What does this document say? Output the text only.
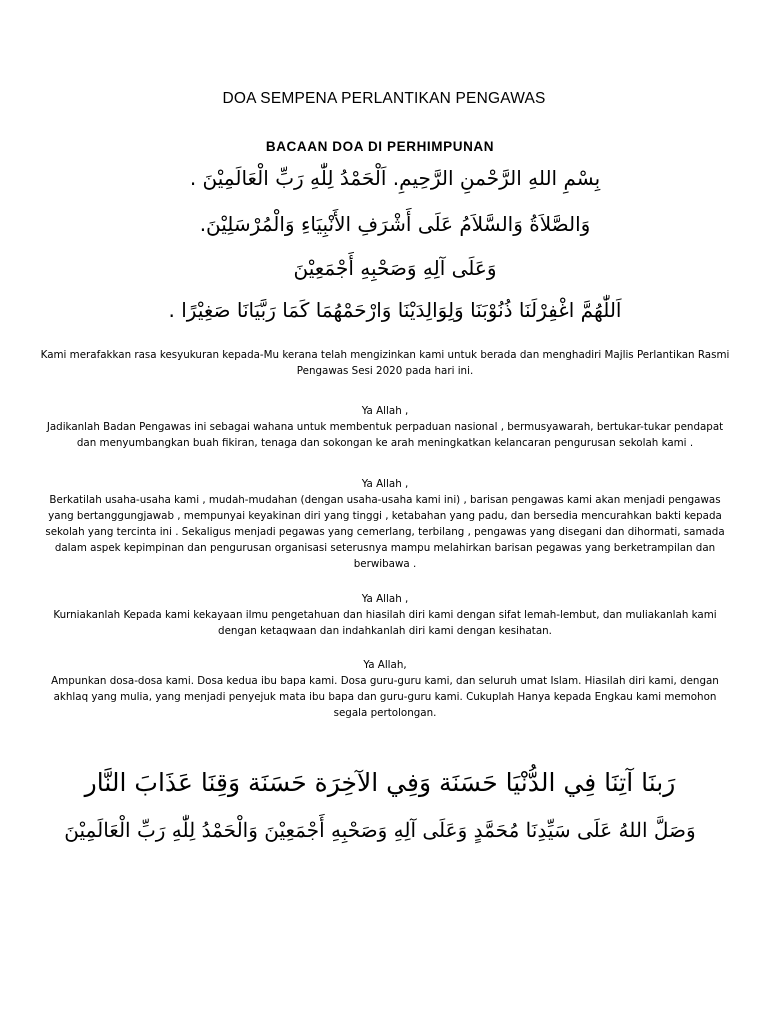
DOA SEMPENA PERLANTIKAN PENGAWAS
BACAAN DOA DI PERHIMPUNAN
بِسْمِ اللهِ الرَّحْمنِ الرَّحِيمِ. اَلْحَمْدُ لِلّٰهِ رَبِّ الْعَالَمِيْنَ .
وَالصَّلاَةُ وَالسَّلاَمُ عَلَى أَشْرَفِ الأَنْبِيَاءِ وَالْمُرْسَلِيْنَ.
وَعَلَى آلِهِ وَصَحْبِهِ أَجْمَعِيْنَ
اَللّٰهُمَّ اغْفِرْلَنَا ذُنُوْبَنَا وَلِوَالِدَيْنَا وَارْحَمْهُمَا كَمَا رَبَّيَانَا صَغِيْرًا .
Kami merafakkan rasa kesyukuran kepada-Mu kerana telah mengizinkan kami untuk berada dan menghadiri Majlis Perlantikan Rasmi Pengawas Sesi 2020 pada hari ini.
Ya Allah ,
Jadikanlah Badan Pengawas ini sebagai wahana untuk membentuk perpaduan nasional , bermusyawarah, bertukar-tukar pendapat dan menyumbangkan buah fikiran, tenaga dan sokongan ke arah meningkatkan kelancaran pengurusan sekolah kami .
Ya Allah ,
Berkatilah usaha-usaha kami , mudah-mudahan (dengan usaha-usaha kami ini) , barisan pengawas kami akan menjadi pengawas yang bertanggungjawab , mempunyai keyakinan diri yang tinggi , ketabahan yang padu, dan bersedia mencurahkan bakti kepada sekolah yang tercinta ini . Sekaligus menjadi pegawas yang cemerlang, terbilang , pengawas yang disegani dan dihormati, samada dalam aspek kepimpinan dan pengurusan organisasi seterusnya mampu melahirkan barisan pegawas yang berketrampilan dan berwibawa .
Ya Allah ,
Kurniakanlah Kepada kami kekayaan ilmu pengetahuan dan hiasilah diri kami dengan sifat lemah-lembut, dan muliakanlah kami dengan ketaqwaan dan indahkanlah diri kami dengan kesihatan.
Ya Allah,
Ampunkan dosa-dosa kami. Dosa kedua ibu bapa kami. Dosa guru-guru kami, dan seluruh umat Islam. Hiasilah diri kami, dengan akhlaq yang mulia, yang menjadi penyejuk mata ibu bapa dan guru-guru kami. Cukuplah Hanya kepada Engkau kami memohon segala pertolongan.
رَبنَا آتِنَا فِي الدُّنْيَا حَسَنَة وَفِي الآخِرَة حَسَنَة وَقِنَا عَذَابَ النَّار
وَصَلَّ اللهُ عَلَى سَيِّدِنَا مُحَمَّدٍ وَعَلَى آلِهِ وَصَحْبِهِ أَجْمَعِيْنَ وَالْحَمْدُ لِلّٰهِ رَبِّ الْعَالَمِيْنَ
